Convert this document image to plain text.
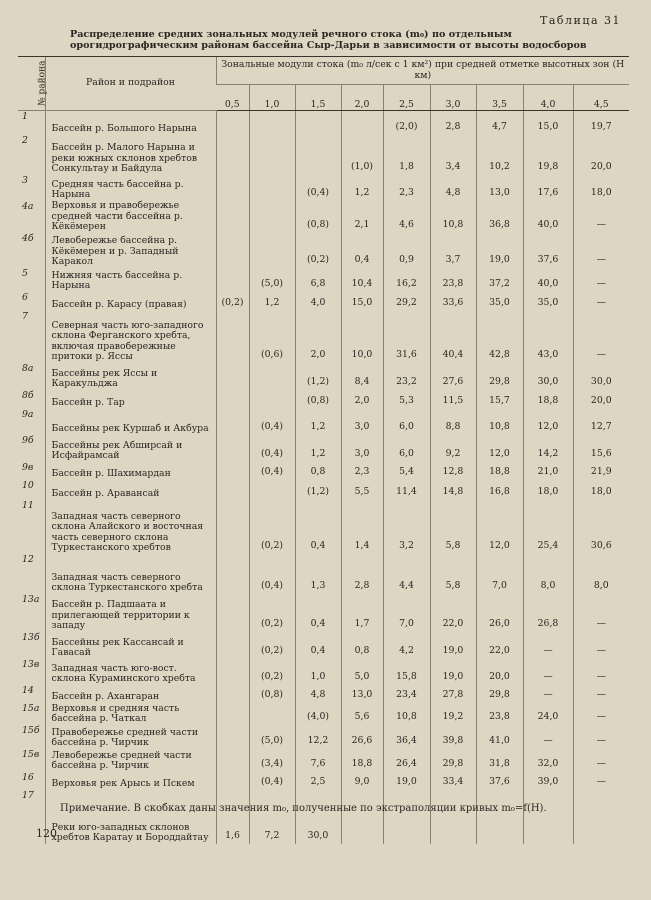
Таблица 31
Распределение средних зональных модулей речного стока (m₀) по отдельным орогидрографическим районам бассейна Сыр-Дарьи в зависимости от высоты водосборов
№ района	Район и подрайон	Зональные модули стока (m₀ л/сек с 1 км²) при средней отметке высотных зон (H км)								
		0,5	1,0	1,5	2,0	2,5	3,0	3,5	4,0	4,5
1	Бассейн р. Большого Нарына					(2,0)	2,8	4,7	15,0	19,7
2	Бассейн р. Малого Нарына и реки южных склонов хребтов Сонкультау и Байдула				(1,0)	1,8	3,4	10,2	19,8	20,0
3	Средняя часть бассейна р. Нарына			(0,4)	1,2	2,3	4,8	13,0	17,6	18,0
4а	Верховья и правобережье средней части бассейна р. Кёкёмерен			(0,8)	2,1	4,6	10,8	36,8	40,0	—
4б	Левобережье бассейна р. Кёкёмерен и р. Западный Каракол			(0,2)	0,4	0,9	3,7	19,0	37,6	—
5	Нижняя часть бассейна р. Нарына		(5,0)	6,8	10,4	16,2	23,8	37,2	40,0	—
6	Бассейн р. Карасу (правая)	(0,2)	1,2	4,0	15,0	29,2	33,6	35,0	35,0	—
7	Северная часть юго-западного склона Ферганского хребта, включая правобережные притоки р. Яссы		(0,6)	2,0	10,0	31,6	40,4	42,8	43,0	—
8а	Бассейны рек Яссы и Каракульджа			(1,2)	8,4	23,2	27,6	29,8	30,0	30,0
8б	Бассейн р. Тар			(0,8)	2,0	5,3	11,5	15,7	18,8	20,0
9а	Бассейны рек Куршаб и Акбура		(0,4)	1,2	3,0	6,0	8,8	10,8	12,0	12,7
9б	Бассейны рек Абширсай и Исфайрамсай		(0,4)	1,2	3,0	6,0	9,2	12,0	14,2	15,6
9в	Бассейн р. Шахимардан		(0,4)	0,8	2,3	5,4	12,8	18,8	21,0	21,9
10	Бассейн р. Аравансай			(1,2)	5,5	11,4	14,8	16,8	18,0	18,0
11	Западная часть северного склона Алайского и восточная часть северного склона Туркестанского хребтов		(0,2)	0,4	1,4	3,2	5,8	12,0	25,4	30,6
12	Западная часть северного склона Туркестанского хребта		(0,4)	1,3	2,8	4,4	5,8	7,0	8,0	8,0
13а	Бассейн р. Падшаата и прилегающей территории к западу		(0,2)	0,4	1,7	7,0	22,0	26,0	26,8	—
13б	Бассейны рек Кассансай и Гавасай		(0,2)	0,4	0,8	4,2	19,0	22,0	—	—
13в	Западная часть юго-вост. склона Кураминского хребта		(0,2)	1,0	5,0	15,8	19,0	20,0	—	—
14	Бассейн р. Ахангаран		(0,8)	4,8	13,0	23,4	27,8	29,8	—	—
15а	Верховья и средняя часть бассейна р. Чаткал			(4,0)	5,6	10,8	19,2	23,8	24,0	—
15б	Правобережье средней части бассейна р. Чирчик		(5,0)	12,2	26,6	36,4	39,8	41,0	—	—
15в	Левобережье средней части бассейна р. Чирчик		(3,4)	7,6	18,8	26,4	29,8	31,8	32,0	—
16	Верховья рек Арысь и Пскем		(0,4)	2,5	9,0	19,0	33,4	37,6	39,0	—
17	Реки юго-западных склонов хребтов Каратау и Бороддайтау	1,6	7,2	30,0						
Примечание. В скобках даны значения m₀, полученные по экстраполяции кривых m₀=f(H).
120
